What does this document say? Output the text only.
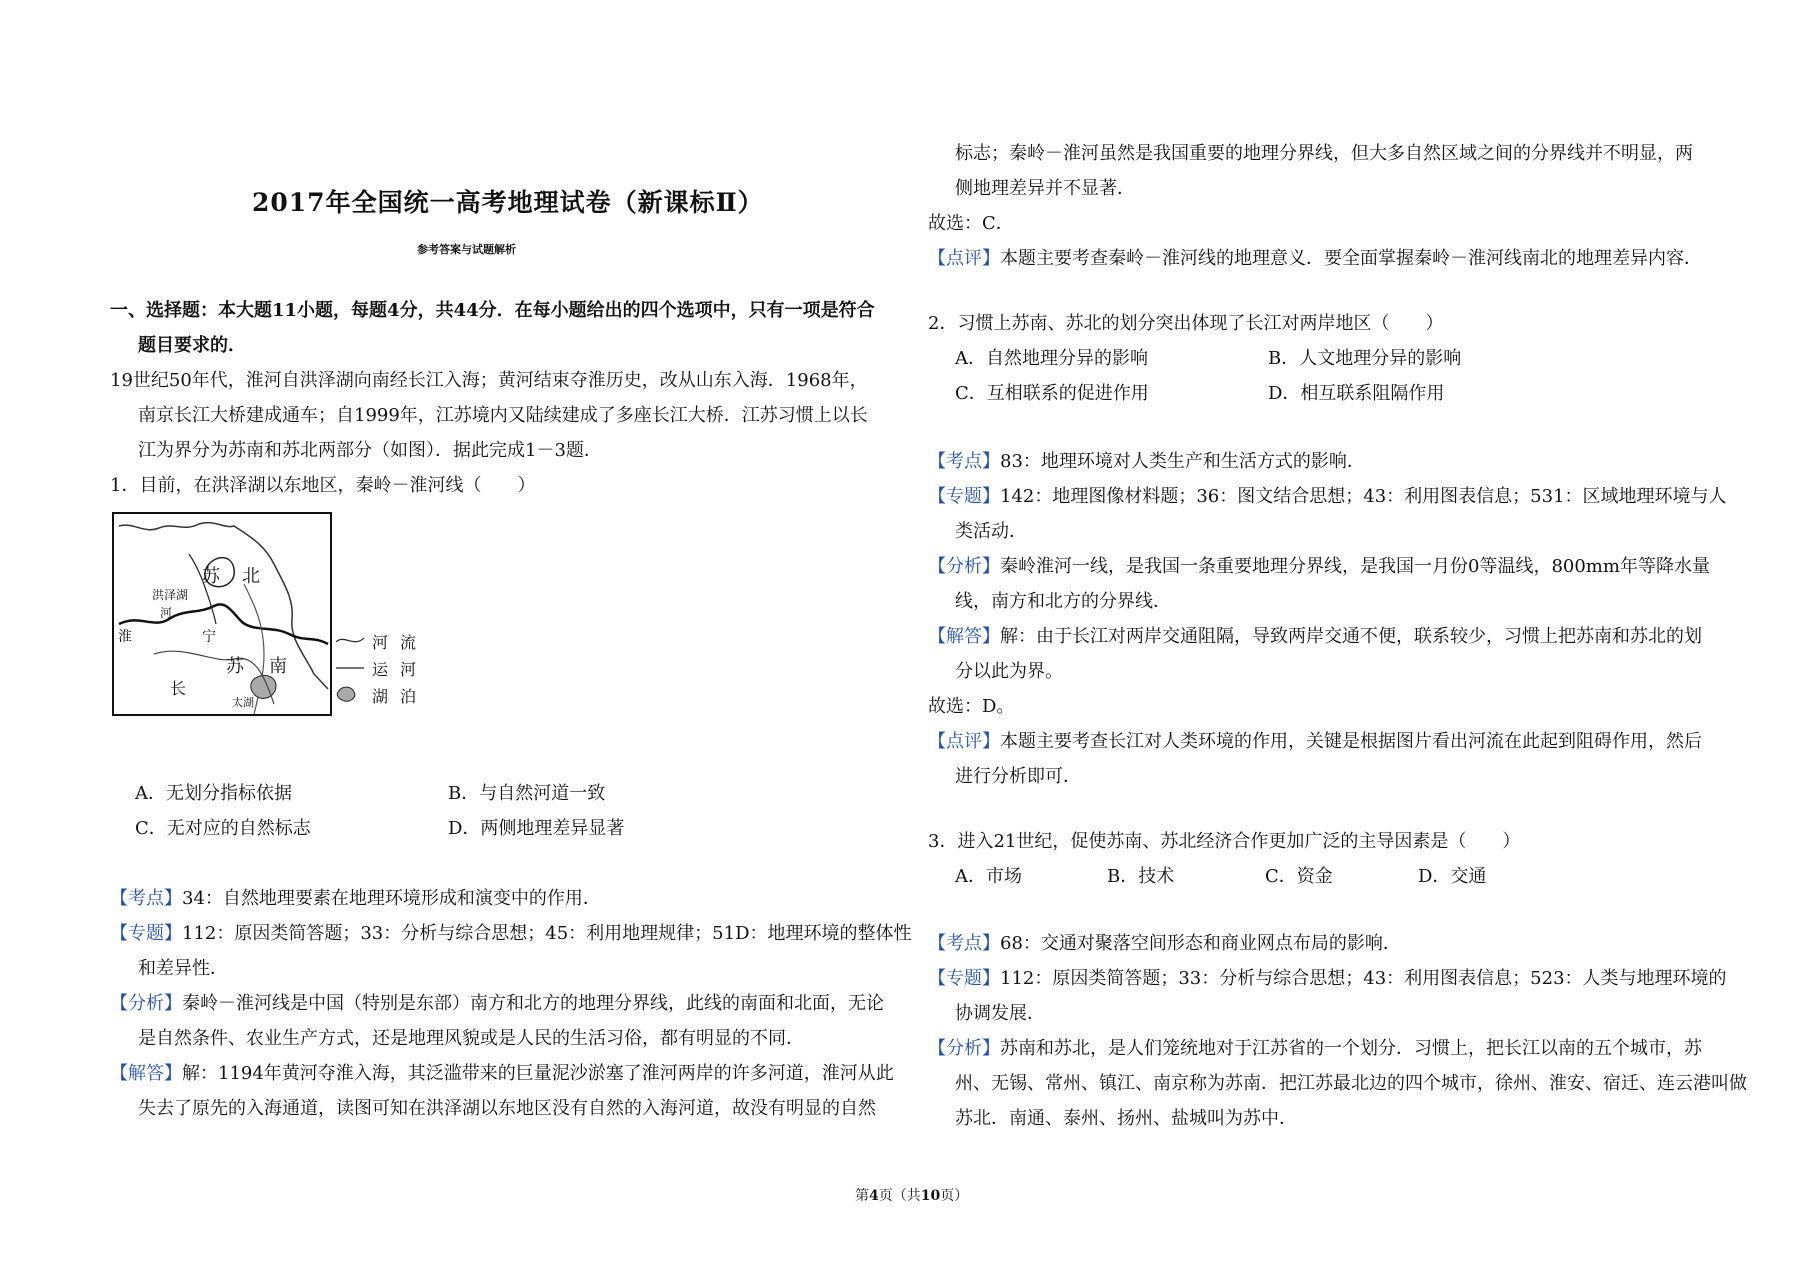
2017年全国统一高考地理试卷（新课标Ⅱ）
参考答案与试题解析
一、选择题：本大题11小题，每题4分，共44分．在每小题给出的四个选项中，只有一项是符合
题目要求的．
19世纪50年代，淮河自洪泽湖向南经长江入海；黄河结束夺淮历史，改从山东入海．1968年，
南京长江大桥建成通车；自1999年，江苏境内又陆续建成了多座长江大桥．江苏习惯上以长
江为界分为苏南和苏北两部分（如图）．据此完成1－3题．
1．目前，在洪泽湖以东地区，秦岭－淮河线（　　）
苏 北
洪泽湖
河
淮	宁
苏 南
长
太湖
河 流
运 河
湖 泊
A．无划分指标依据	B．与自然河道一致
C．无对应的自然标志	D．两侧地理差异显著
【考点】34：自然地理要素在地理环境形成和演变中的作用．
【专题】112：原因类简答题；33：分析与综合思想；45：利用地理规律；51D：地理环境的整体性
和差异性．
【分析】秦岭－淮河线是中国（特别是东部）南方和北方的地理分界线，此线的南面和北面，无论
是自然条件、农业生产方式，还是地理风貌或是人民的生活习俗，都有明显的不同．
【解答】解：1194年黄河夺淮入海，其泛滥带来的巨量泥沙淤塞了淮河两岸的许多河道，淮河从此
失去了原先的入海通道，读图可知在洪泽湖以东地区没有自然的入海河道，故没有明显的自然
标志；秦岭－淮河虽然是我国重要的地理分界线，但大多自然区域之间的分界线并不明显，两
侧地理差异并不显著．
故选：C．
【点评】本题主要考查秦岭－淮河线的地理意义．要全面掌握秦岭－淮河线南北的地理差异内容．
2．习惯上苏南、苏北的划分突出体现了长江对两岸地区（　　）
A．自然地理分异的影响	B．人文地理分异的影响
C．互相联系的促进作用	D．相互联系阻隔作用
【考点】83：地理环境对人类生产和生活方式的影响．
【专题】142：地理图像材料题；36：图文结合思想；43：利用图表信息；531：区域地理环境与人
类活动．
【分析】秦岭淮河一线，是我国一条重要地理分界线，是我国一月份0等温线，800mm年等降水量
线，南方和北方的分界线．
【解答】解：由于长江对两岸交通阻隔，导致两岸交通不便，联系较少，习惯上把苏南和苏北的划
分以此为界。
故选：D。
【点评】本题主要考查长江对人类环境的作用，关键是根据图片看出河流在此起到阻碍作用，然后
进行分析即可．
3．进入21世纪，促使苏南、苏北经济合作更加广泛的主导因素是（　　）
A．市场	B．技术	C．资金	D．交通
【考点】68：交通对聚落空间形态和商业网点布局的影响．
【专题】112：原因类简答题；33：分析与综合思想；43：利用图表信息；523：人类与地理环境的
协调发展．
【分析】苏南和苏北，是人们笼统地对于江苏省的一个划分．习惯上，把长江以南的五个城市，苏
州、无锡、常州、镇江、南京称为苏南．把江苏最北边的四个城市，徐州、淮安、宿迁、连云港叫做
苏北．南通、泰州、扬州、盐城叫为苏中．
第4页（共10页）
